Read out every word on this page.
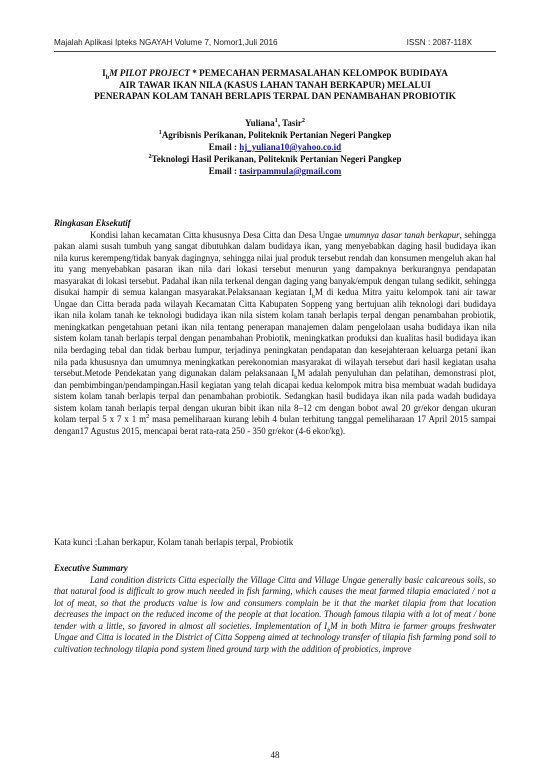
Majalah Aplikasi Ipteks NGAYAH Volume 7, Nomor1,Juli 2016	ISSN : 2087-118X
$I_bM$ PILOT PROJECT * PEMECAHAN PERMASALAHAN KELOMPOK BUDIDAYA
AIR TAWAR IKAN NILA (KASUS LAHAN TANAH BERKAPUR) MELALUI
PENERAPAN KOLAM TANAH BERLAPIS TERPAL DAN PENAMBAHAN PROBIOTIK
Yuliana$^1$, Tasir$^2$
$^1$Agribisnis Perikanan, Politeknik Pertanian Negeri Pangkep
Email : hj_yuliana10@yahoo.co.id
$^2$Teknologi Hasil Perikanan, Politeknik Pertanian Negeri Pangkep
Email : tasirpammula@gmail.com

Ringkasan Eksekutif

Kondisi lahan kecamatan Citta khususnya Desa Citta dan Desa Ungae umumnya dasar tanah berkapur, sehingga pakan alami susah tumbuh yang sangat dibutuhkan dalam budidaya ikan, yang menyebabkan daging hasil budidaya ikan nila kurus kerempeng/tidak banyak dagingnya, sehingga nilai jual produk tersebut rendah dan konsumen mengeluh akan hal itu yang menyebabkan pasaran ikan nila dari lokasi tersebut menurun yang dampaknya berkurangnya pendapatan masyarakat di lokasi tersebut. Padahal ikan nila terkenal dengan daging yang banyak/empuk dengan tulang sedikit, sehingga disukai hampir di semua kalangan masyarakat.Pelaksanaan kegiatan $I_bM$ di kedua Mitra yaitu kelompok tani air tawar Ungae dan Citta berada pada wilayah Kecamatan Citta Kabupaten Soppeng yang bertujuan alih teknologi dari budidaya ikan nila kolam tanah ke teknologi budidaya ikan nila sistem kolam tanah berlapis terpal dengan penambahan probiotik, meningkatkan pengetahuan petani ikan nila tentang penerapan manajemen dalam pengelolaan usaha budidaya ikan nila sistem kolam tanah berlapis terpal dengan penambahan Probiotik, meningkatkan produksi dan kualitas hasil budidaya ikan nila berdaging tebal dan tidak berbau lumpur, terjadinya peningkatan pendapatan dan kesejahteraan keluarga petani ikan nila pada khususnya dan umumnya meningkatkan perekonomian masyarakat di wilayah tersebut dari hasil kegiatan usaha tersebut.Metode Pendekatan yang digunakan dalam pelaksanaan $I_bM$ adalah penyuluhan dan pelatihan, demonstrasi plot, dan pembimbingan/pendampingan.Hasil kegiatan yang telah dicapai kedua kelompok mitra bisa membuat wadah budidaya sistem kolam tanah berlapis terpal dan penambahan probiotik. Sedangkan hasil budidaya ikan nila pada wadah budidaya sistem kolam tanah berlapis terpal dengan ukuran bibit ikan nila 8–12 cm dengan bobot awal 20 gr/ekor dengan ukuran kolam terpal 5 x 7 x 1 $m^2$ masa pemeliharaan kurang lebih 4 bulan terhitung tanggal pemeliharaan 17 April 2015 sampai dengan17 Agustus 2015, mencapai berat rata-rata 250 - 350 gr/ekor (4-6 ekor/kg).

Kata kunci :Lahan berkapur, Kolam tanah berlapis terpal, Probiotik

Executive Summary

Land condition districts Citta especially the Village Citta and Village Ungae generally basic calcareous soils, so that natural food is difficult to grow much needed in fish farming, which causes the meat farmed tilapia emaciated / not a lot of meat, so that the products value is low and consumers complain be it that the market tilapia from that location decreases the impact on the reduced income of the people at that location. Though famous tilapia with a lot of meat / bone tender with a little, so favored in almost all societies. Implementation of $I_bM$ in both Mitra ie farmer groups freshwater Ungae and Citta is located in the District of Citta Soppeng aimed at technology transfer of tilapia fish farming pond soil to cultivation technology tilapia pond system lined ground tarp with the addition of probiotics, improve

48
